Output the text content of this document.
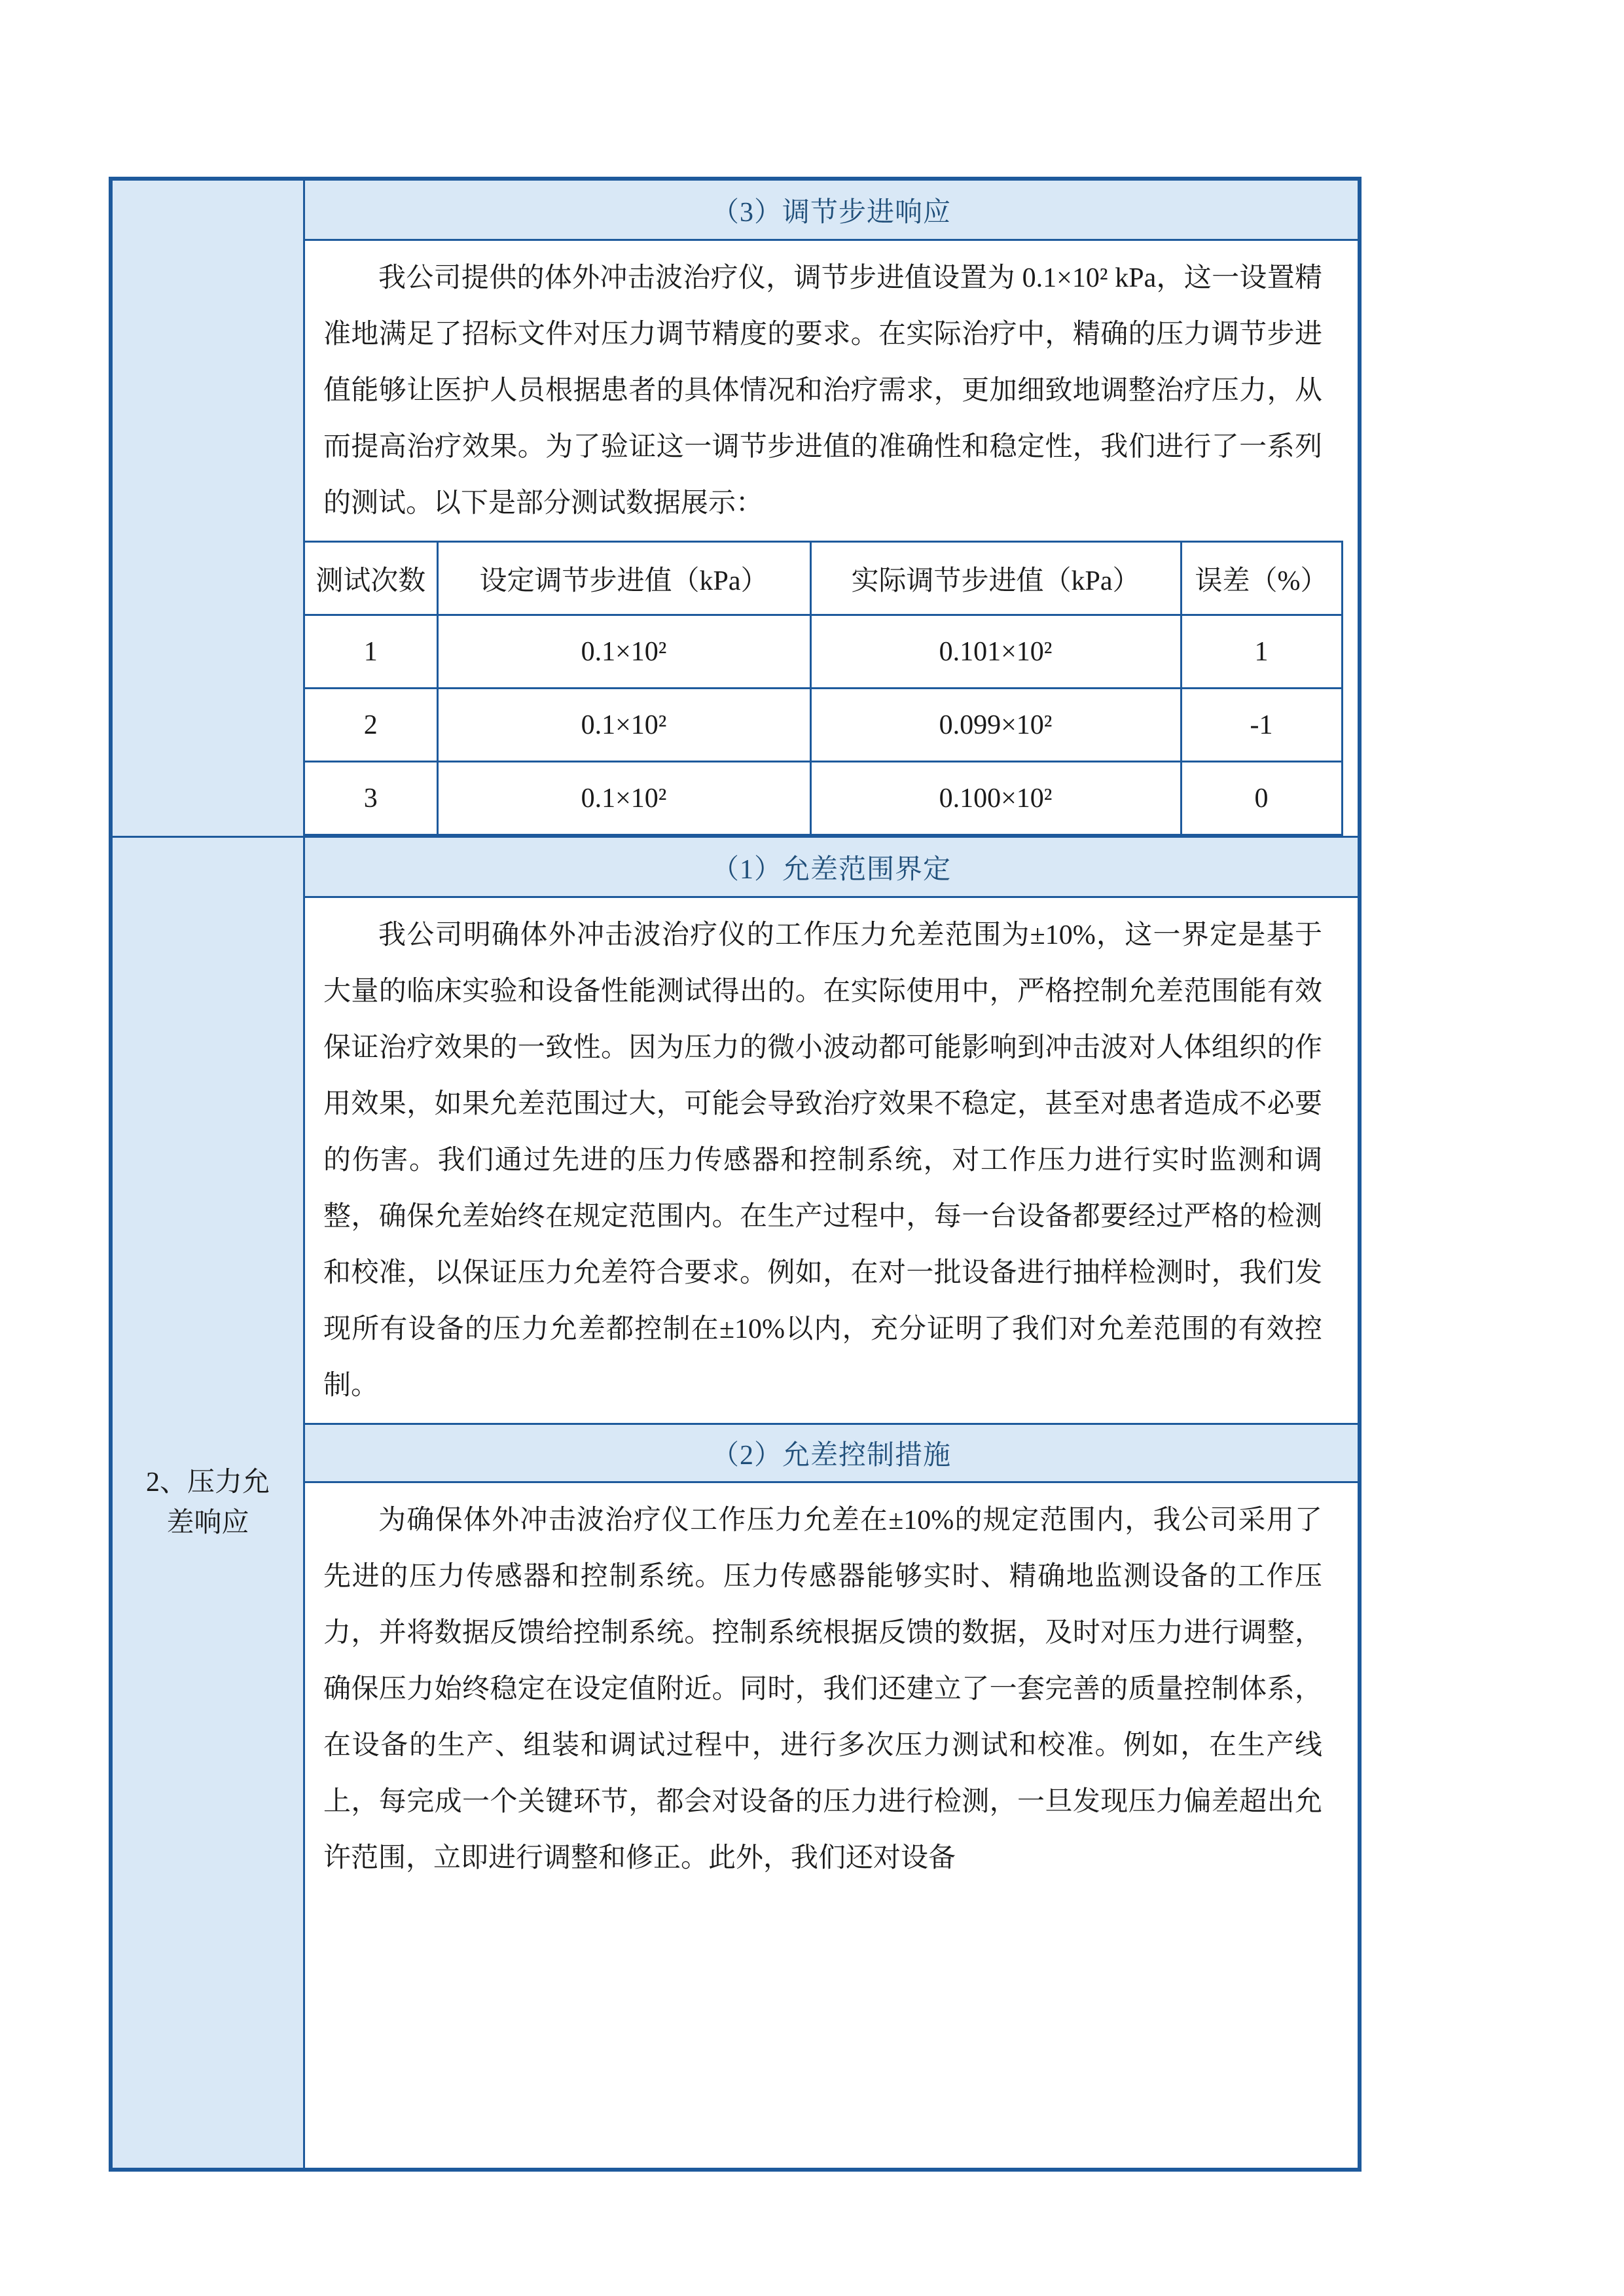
（3）调节步进响应
我公司提供的体外冲击波治疗仪，调节步进值设置为 0.1×10² kPa，这一设置精准地满足了招标文件对压力调节精度的要求。在实际治疗中，精确的压力调节步进值能够让医护人员根据患者的具体情况和治疗需求，更加细致地调整治疗压力，从而提高治疗效果。为了验证这一调节步进值的准确性和稳定性，我们进行了一系列的测试。以下是部分测试数据展示：
测试次数	设定调节步进值（kPa）	实际调节步进值（kPa）	误差（%）
1	0.1×10²	0.101×10²	1
2	0.1×10²	0.099×10²	-1
3	0.1×10²	0.100×10²	0
2、压力允差响应
（1）允差范围界定
我公司明确体外冲击波治疗仪的工作压力允差范围为±10%，这一界定是基于大量的临床实验和设备性能测试得出的。在实际使用中，严格控制允差范围能有效保证治疗效果的一致性。因为压力的微小波动都可能影响到冲击波对人体组织的作用效果，如果允差范围过大，可能会导致治疗效果不稳定，甚至对患者造成不必要的伤害。我们通过先进的压力传感器和控制系统，对工作压力进行实时监测和调整，确保允差始终在规定范围内。在生产过程中，每一台设备都要经过严格的检测和校准，以保证压力允差符合要求。例如，在对一批设备进行抽样检测时，我们发现所有设备的压力允差都控制在±10%以内，充分证明了我们对允差范围的有效控制。
（2）允差控制措施
为确保体外冲击波治疗仪工作压力允差在±10%的规定范围内，我公司采用了先进的压力传感器和控制系统。压力传感器能够实时、精确地监测设备的工作压力，并将数据反馈给控制系统。控制系统根据反馈的数据，及时对压力进行调整，确保压力始终稳定在设定值附近。同时，我们还建立了一套完善的质量控制体系，在设备的生产、组装和调试过程中，进行多次压力测试和校准。例如，在生产线上，每完成一个关键环节，都会对设备的压力进行检测，一旦发现压力偏差超出允许范围，立即进行调整和修正。此外，我们还对设备
